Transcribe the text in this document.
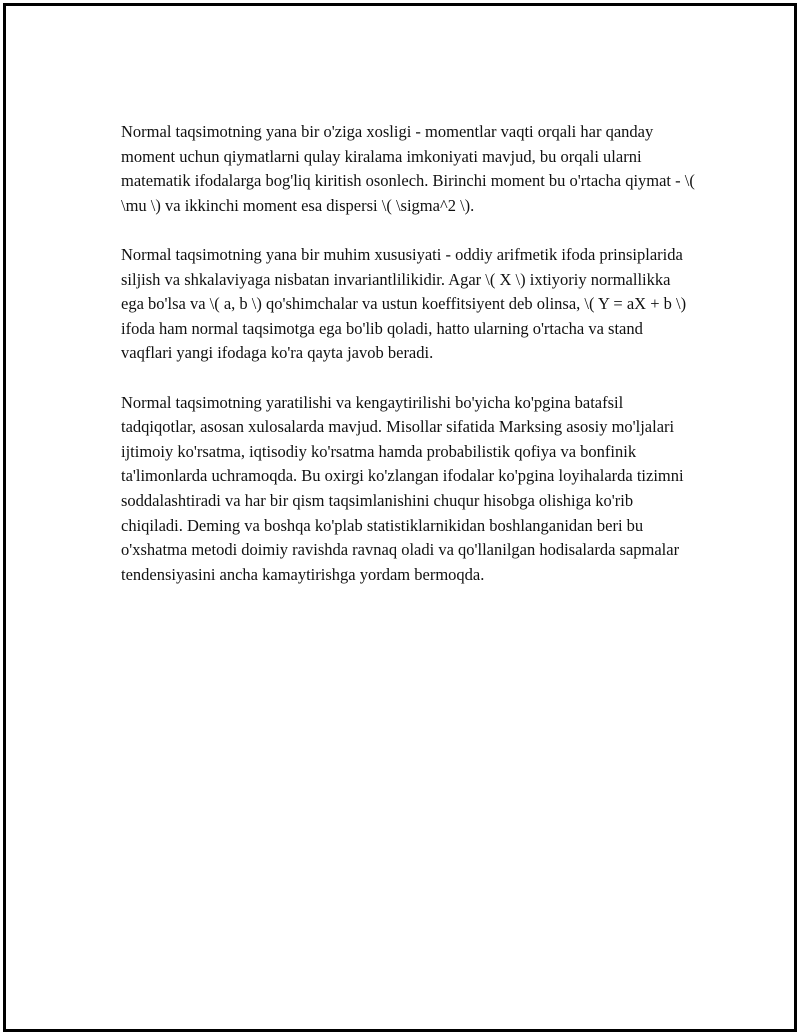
Normal taqsimotning yana bir o'ziga xosligi - momentlar vaqti orqali har qanday moment uchun qiymatlarni qulay kiralama imkoniyati mavjud, bu orqali ularni matematik ifodalarga bog'liq kiritish osonlech. Birinchi moment bu o'rtacha qiymat - \( \mu \) va ikkinchi moment esa dispersi \( \sigma^2 \).

Normal taqsimotning yana bir muhim xususiyati - oddiy arifmetik ifoda prinsiplarida siljish va shkalaviyaga nisbatan invariantlilikidir. Agar \( X \) ixtiyoriy normallikka ega bo'lsa va \( a, b \) qo'shimchalar va ustun koeffitsiyent deb olinsa, \( Y = aX + b \) ifoda ham normal taqsimotga ega bo'lib qoladi, hatto ularning o'rtacha va stand vaqflari yangi ifodaga ko'ra qayta javob beradi.

Normal taqsimotning yaratilishi va kengaytirilishi bo'yicha ko'pgina batafsil tadqiqotlar, asosan xulosalarda mavjud. Misollar sifatida Marksing asosiy mo'ljalari ijtimoiy ko'rsatma, iqtisodiy ko'rsatma hamda probabilistik qofiya va bonfinik ta'limonlarda uchramoqda. Bu oxirgi ko'zlangan ifodalar ko'pgina loyihalarda tizimni soddalashtiradi va har bir qism taqsimlanishini chuqur hisobga olishiga ko'rib chiqiladi. Deming va boshqa ko'plab statistiklarnikidan boshlanganidan beri bu o'xshatma metodi doimiy ravishda ravnaq oladi va qo'llanilgan hodisalarda sapmalar tendensiyasini ancha kamaytirishga yordam bermoqda.
